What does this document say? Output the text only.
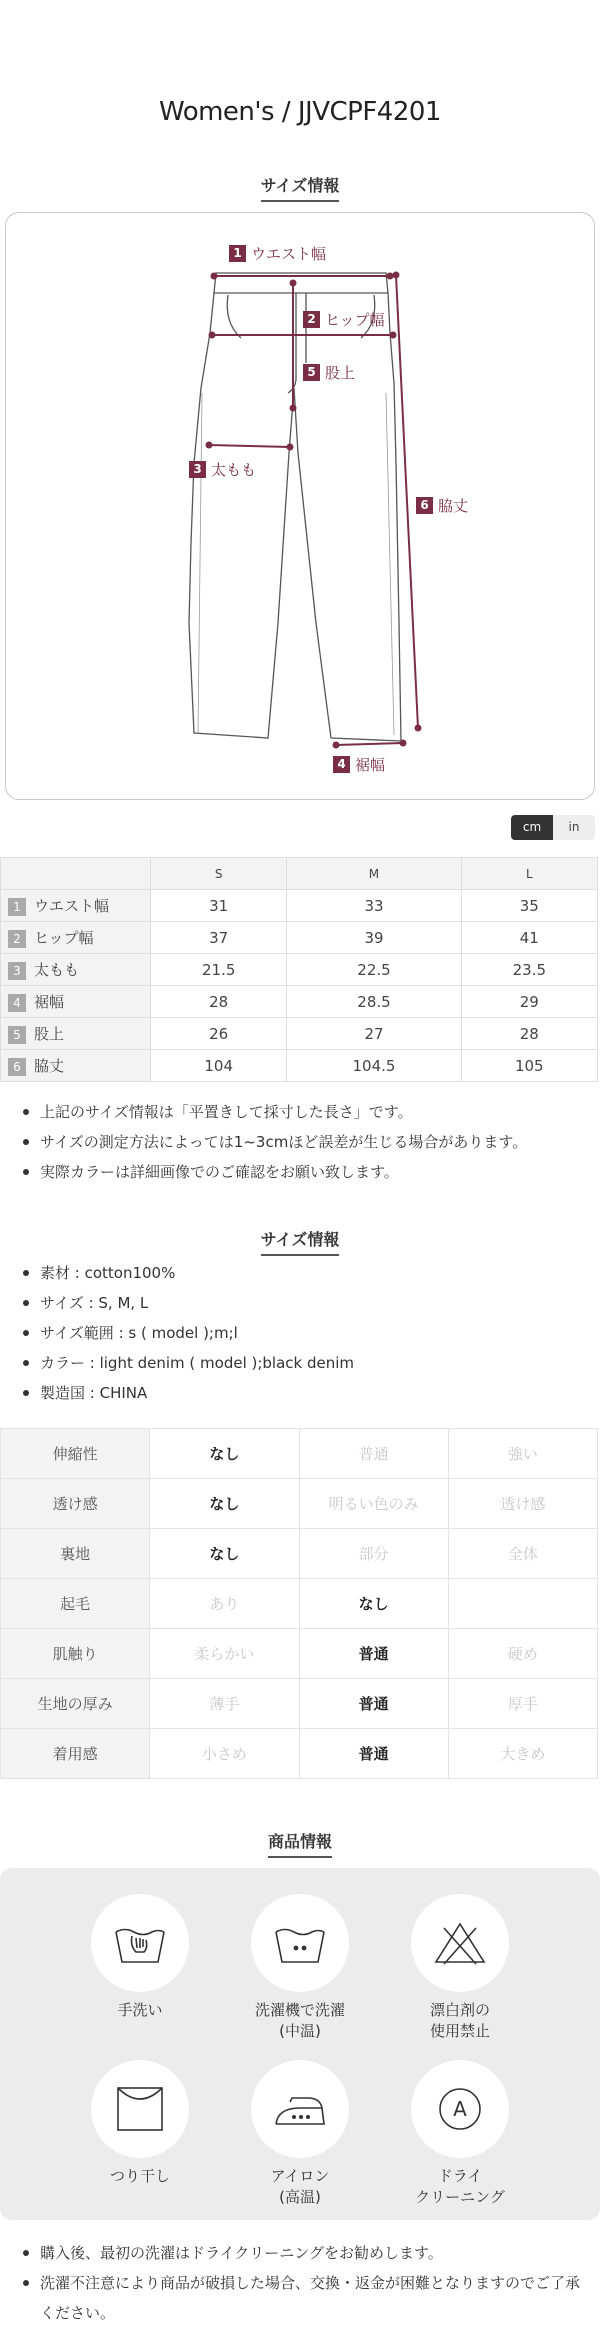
Women's / JJVCPF4201
サイズ情報
1 ウエスト幅
2 ヒップ幅
5 股上
3 太もも
6 脇丈
4 裾幅
cm	in
	S	M	L
1 ウエスト幅	31	33	35
2 ヒップ幅	37	39	41
3 太もも	21.5	22.5	23.5
4 裾幅	28	28.5	29
5 股上	26	27	28
6 脇丈	104	104.5	105
上記のサイズ情報は「平置きして採寸した長さ」です。
サイズの測定方法によっては1~3cmほど誤差が生じる場合があります。
実際カラーは詳細画像でのご確認をお願い致します。
サイズ情報
素材 : cotton100%
サイズ : S, M, L
サイズ範囲 : s ( model );m;l
カラー : light denim ( model );black denim
製造国 : CHINA
伸縮性	なし	普通	強い
透け感	なし	明るい色のみ	透け感
裏地	なし	部分	全体
起毛	あり	なし	
肌触り	柔らかい	普通	硬め
生地の厚み	薄手	普通	厚手
着用感	小さめ	普通	大きめ
商品情報
手洗い	洗濯機で洗濯
(中温)
漂白剤の
使用禁止
つり干し	アイロン
(高温)
A
ドライ
クリーニング
購入後、最初の洗濯はドライクリーニングをお勧めします。
洗濯不注意により商品が破損した場合、交換・返金が困難となりますのでご了承ください。
